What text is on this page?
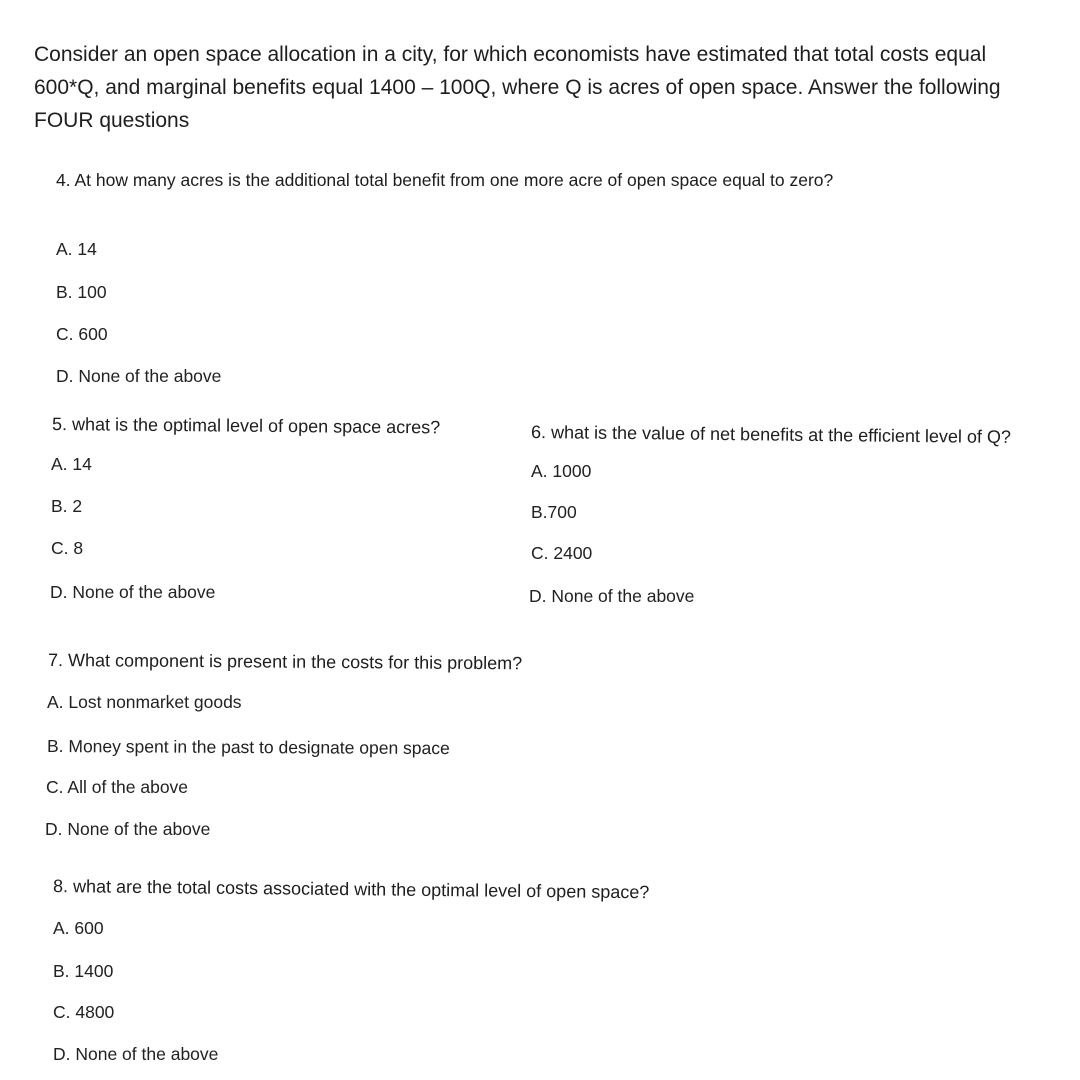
Consider an open space allocation in a city, for which economists have estimated that total costs equal 600*Q, and marginal benefits equal 1400 – 100Q, where Q is acres of open space. Answer the following FOUR questions
4. At how many acres is the additional total benefit from one more acre of open space equal to zero?
A. 14
B. 100
C. 600
D. None of the above
5. what is the optimal level of open space acres?
A. 14
B. 2
C. 8
D. None of the above
6. what is the value of net benefits at the efficient level of Q?
A. 1000
B.700
C. 2400
D. None of the above
7. What component is present in the costs for this problem?
A. Lost nonmarket goods
B. Money spent in the past to designate open space
C. All of the above
D. None of the above
8. what are the total costs associated with the optimal level of open space?
A. 600
B. 1400
C. 4800
D. None of the above
